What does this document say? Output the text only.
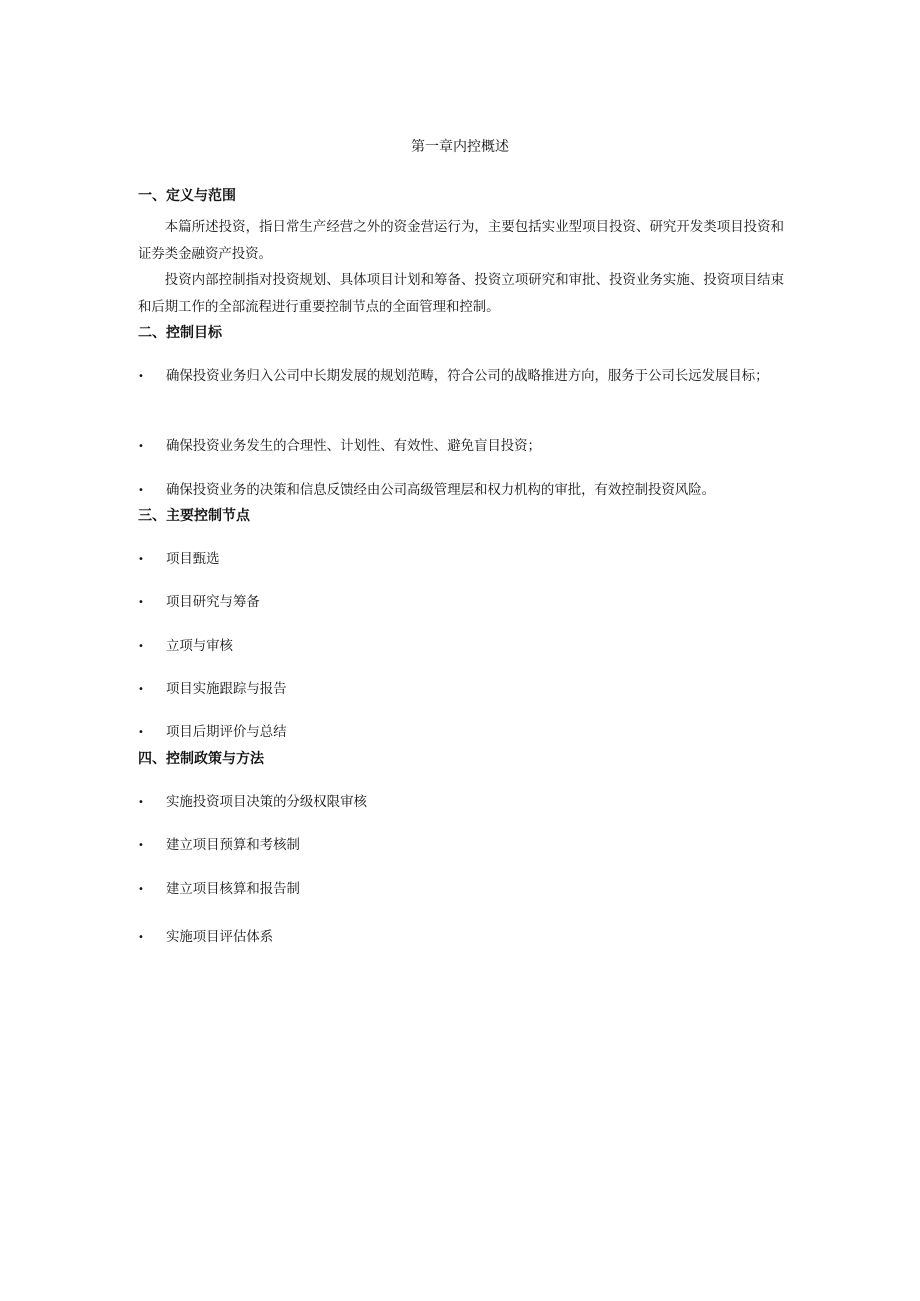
第一章内控概述
一、定义与范围
本篇所述投资，指日常生产经营之外的资金营运行为，主要包括实业型项目投资、研究开发类项目投资和证券类金融资产投资。
投资内部控制指对投资规划、具体项目计划和筹备、投资立项研究和审批、投资业务实施、投资项目结束和后期工作的全部流程进行重要控制节点的全面管理和控制。
二、控制目标
•	确保投资业务归入公司中长期发展的规划范畴，符合公司的战略推进方向，服务于公司长远发展目标；
•	确保投资业务发生的合理性、计划性、有效性、避免盲目投资；
•	确保投资业务的决策和信息反馈经由公司高级管理层和权力机构的审批，有效控制投资风险。
三、主要控制节点
•	项目甄选
•	项目研究与筹备
•	立项与审核
•	项目实施跟踪与报告
•	项目后期评价与总结
四、控制政策与方法
•	实施投资项目决策的分级权限审核
•	建立项目预算和考核制
•	建立项目核算和报告制
•	实施项目评估体系
